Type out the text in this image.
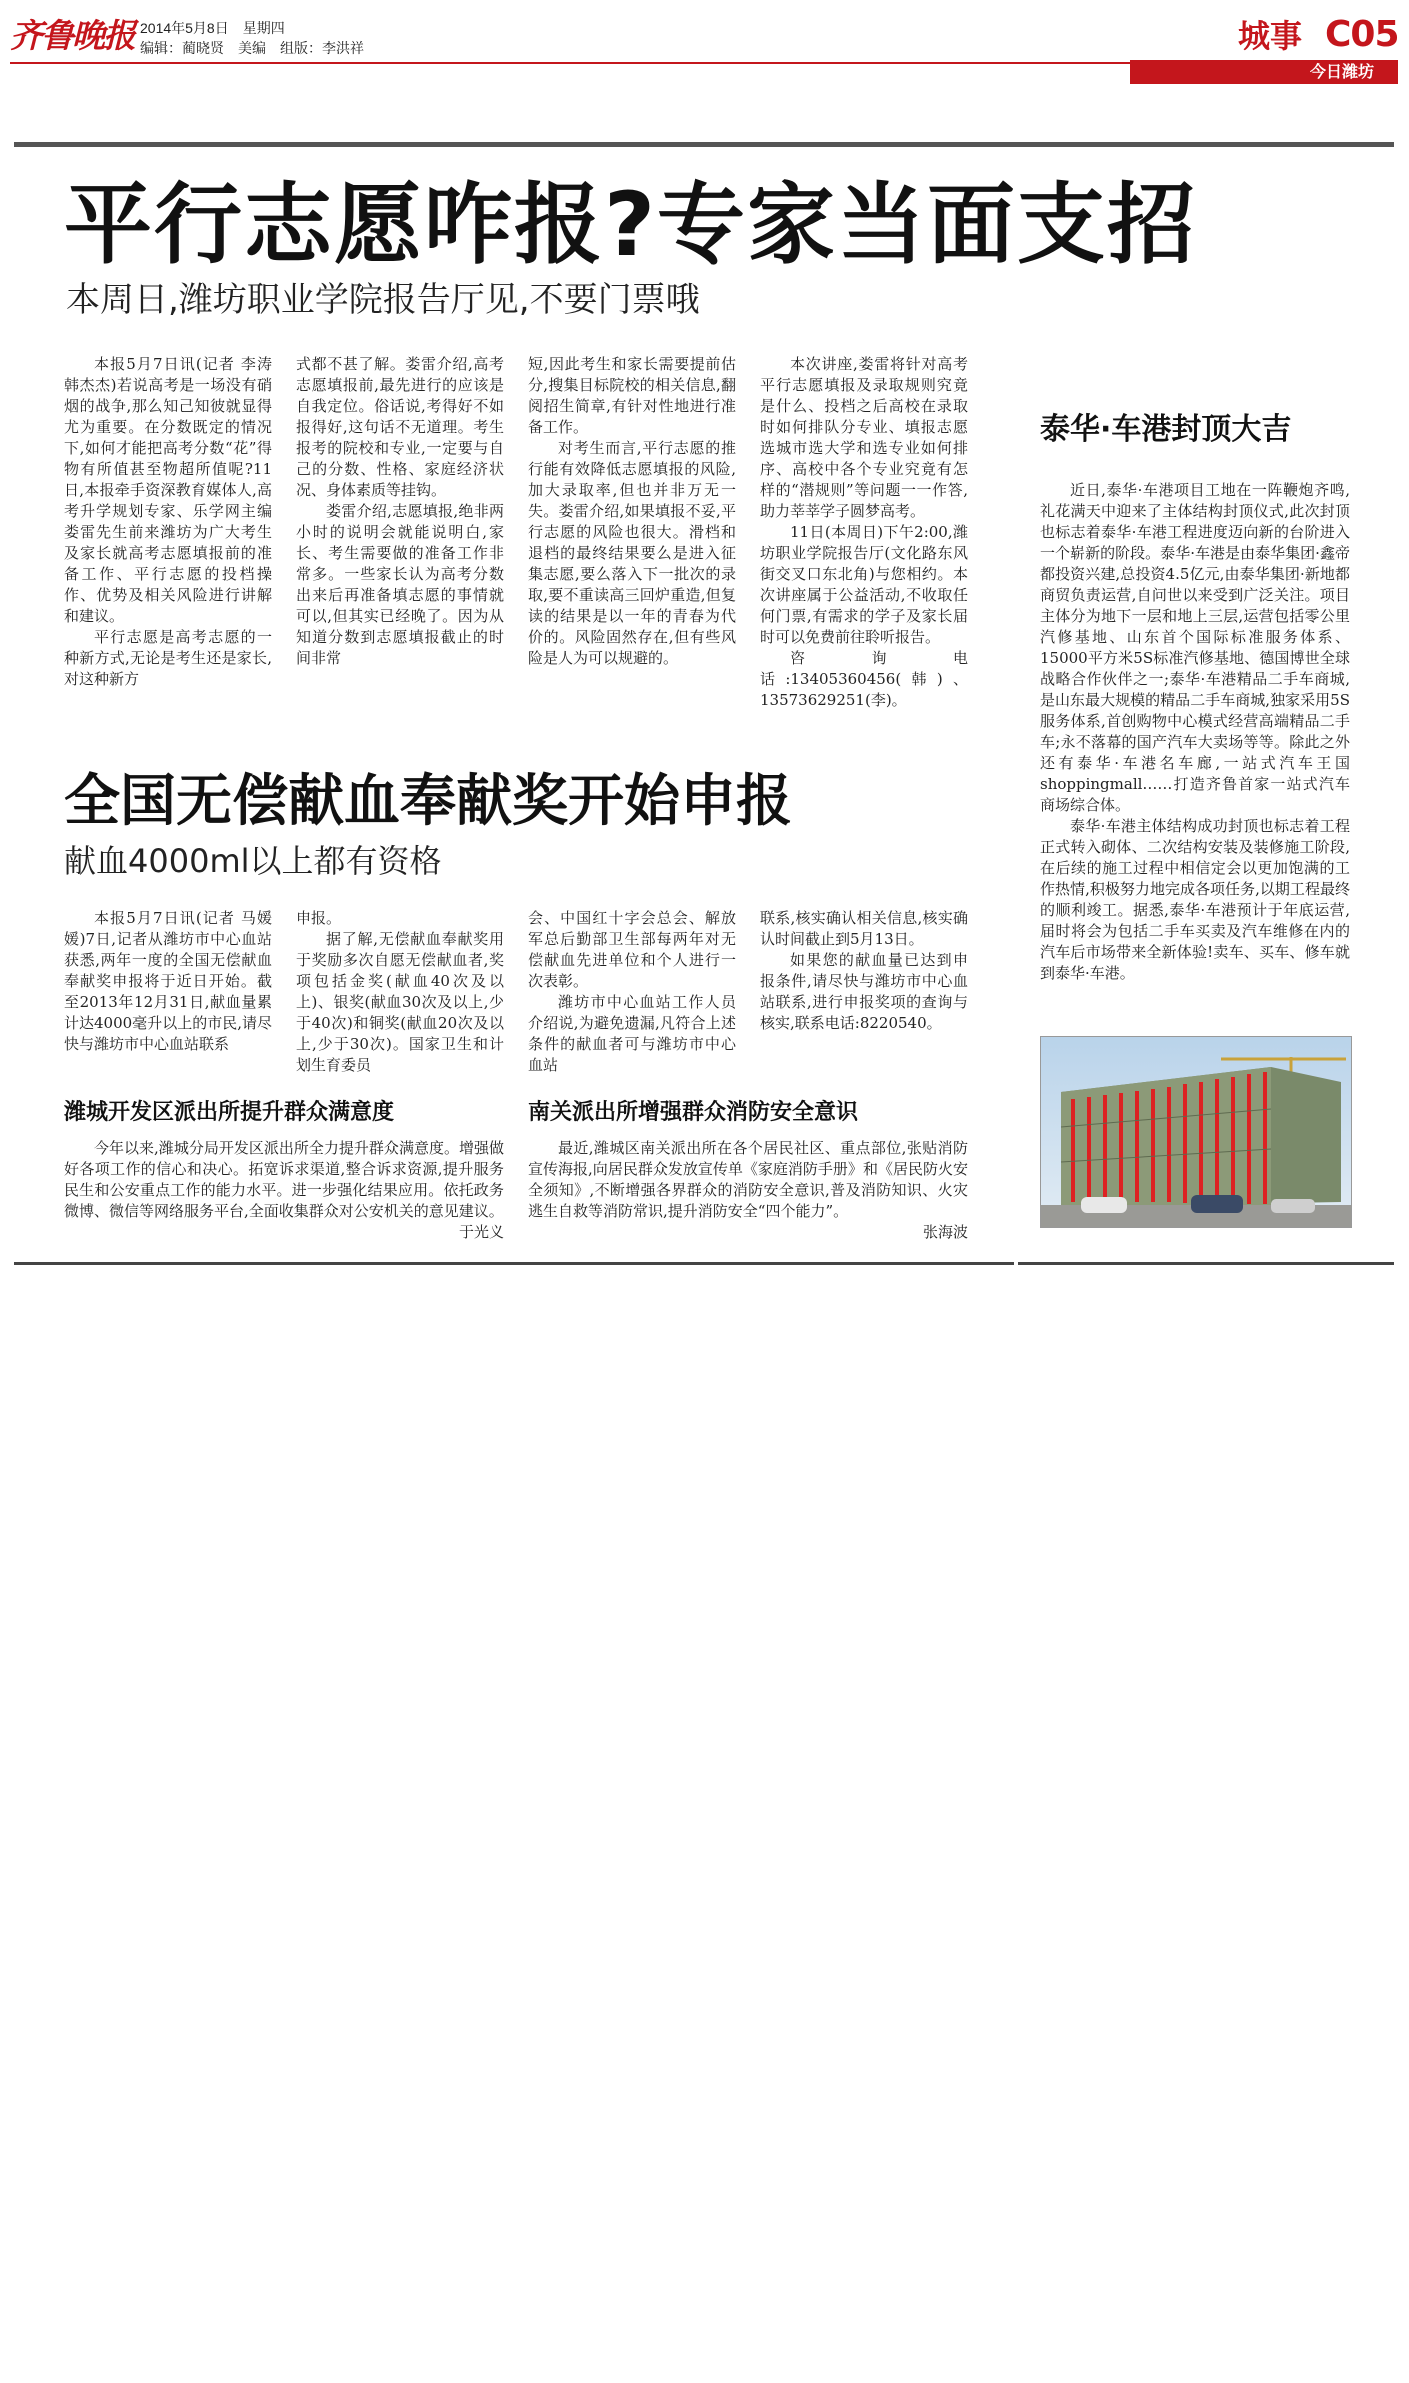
齐鲁晚报 2014年5月8日　星期四
编辑：蔺晓贤　美编　组版：李洪祥	城事 C05
今日潍坊
平行志愿咋报?专家当面支招
本周日,潍坊职业学院报告厅见,不要门票哦

本报5月7日讯(记者 李涛 韩杰杰)若说高考是一场没有硝烟的战争,那么知己知彼就显得尤为重要。在分数既定的情况下,如何才能把高考分数“花”得物有所值甚至物超所值呢?11日,本报牵手资深教育媒体人,高考升学规划专家、乐学网主编娄雷先生前来潍坊为广大考生及家长就高考志愿填报前的准备工作、平行志愿的投档操作、优势及相关风险进行讲解和建议。

平行志愿是高考志愿的一种新方式,无论是考生还是家长,对这种新方

式都不甚了解。娄雷介绍,高考志愿填报前,最先进行的应该是自我定位。俗话说,考得好不如报得好,这句话不无道理。考生报考的院校和专业,一定要与自己的分数、性格、家庭经济状况、身体素质等挂钩。

娄雷介绍,志愿填报,绝非两小时的说明会就能说明白,家长、考生需要做的准备工作非常多。一些家长认为高考分数出来后再准备填志愿的事情就可以,但其实已经晚了。因为从知道分数到志愿填报截止的时间非常

短,因此考生和家长需要提前估分,搜集目标院校的相关信息,翻阅招生简章,有针对性地进行准备工作。

对考生而言,平行志愿的推行能有效降低志愿填报的风险,加大录取率,但也并非万无一失。娄雷介绍,如果填报不妥,平行志愿的风险也很大。滑档和退档的最终结果要么是进入征集志愿,要么落入下一批次的录取,要不重读高三回炉重造,但复读的结果是以一年的青春为代价的。风险固然存在,但有些风险是人为可以规避的。

本次讲座,娄雷将针对高考平行志愿填报及录取规则究竟是什么、投档之后高校在录取时如何排队分专业、填报志愿选城市选大学和选专业如何排序、高校中各个专业究竟有怎样的“潜规则”等问题一一作答,助力莘莘学子圆梦高考。

11日(本周日)下午2:00,潍坊职业学院报告厅(文化路东风街交叉口东北角)与您相约。本次讲座属于公益活动,不收取任何门票,有需求的学子及家长届时可以免费前往聆听报告。

咨询电话:13405360456(韩)、13573629251(李)。

全国无偿献血奉献奖开始申报
献血4000ml以上都有资格

本报5月7日讯(记者 马媛媛)7日,记者从潍坊市中心血站获悉,两年一度的全国无偿献血奉献奖申报将于近日开始。截至2013年12月31日,献血量累计达4000毫升以上的市民,请尽快与潍坊市中心血站联系

申报。

据了解,无偿献血奉献奖用于奖励多次自愿无偿献血者,奖项包括金奖(献血40次及以上)、银奖(献血30次及以上,少于40次)和铜奖(献血20次及以上,少于30次)。国家卫生和计划生育委员

会、中国红十字会总会、解放军总后勤部卫生部每两年对无偿献血先进单位和个人进行一次表彰。

潍坊市中心血站工作人员介绍说,为避免遗漏,凡符合上述条件的献血者可与潍坊市中心血站

联系,核实确认相关信息,核实确认时间截止到5月13日。

如果您的献血量已达到申报条件,请尽快与潍坊市中心血站联系,进行申报奖项的查询与核实,联系电话:8220540。

潍城开发区派出所提升群众满意度

今年以来,潍城分局开发区派出所全力提升群众满意度。增强做好各项工作的信心和决心。拓宽诉求渠道,整合诉求资源,提升服务民生和公安重点工作的能力水平。进一步强化结果应用。依托政务微博、微信等网络服务平台,全面收集群众对公安机关的意见建议。

于光义
南关派出所增强群众消防安全意识

最近,潍城区南关派出所在各个居民社区、重点部位,张贴消防宣传海报,向居民群众发放宣传单《家庭消防手册》和《居民防火安全须知》,不断增强各界群众的消防安全意识,普及消防知识、火灾逃生自救等消防常识,提升消防安全“四个能力”。

张海波
泰华·车港封顶大吉

近日,泰华·车港项目工地在一阵鞭炮齐鸣,礼花满天中迎来了主体结构封顶仪式,此次封顶也标志着泰华·车港工程进度迈向新的台阶进入一个崭新的阶段。泰华·车港是由泰华集团·鑫帝都投资兴建,总投资4.5亿元,由泰华集团·新地都商贸负责运营,自问世以来受到广泛关注。项目主体分为地下一层和地上三层,运营包括零公里汽修基地、山东首个国际标准服务体系、15000平方米5S标准汽修基地、德国博世全球战略合作伙伴之一;泰华·车港精品二手车商城,是山东最大规模的精品二手车商城,独家采用5S服务体系,首创购物中心模式经营高端精品二手车;永不落幕的国产汽车大卖场等等。除此之外还有泰华·车港名车廊,一站式汽车王国shoppingmall……打造齐鲁首家一站式汽车商场综合体。

泰华·车港主体结构成功封顶也标志着工程正式转入砌体、二次结构安装及装修施工阶段,在后续的施工过程中相信定会以更加饱满的工作热情,积极努力地完成各项任务,以期工程最终的顺利竣工。据悉,泰华·车港预计于年底运营,届时将会为包括二手车买卖及汽车维修在内的汽车后市场带来全新体验!卖车、买车、修车就到泰华·车港。
